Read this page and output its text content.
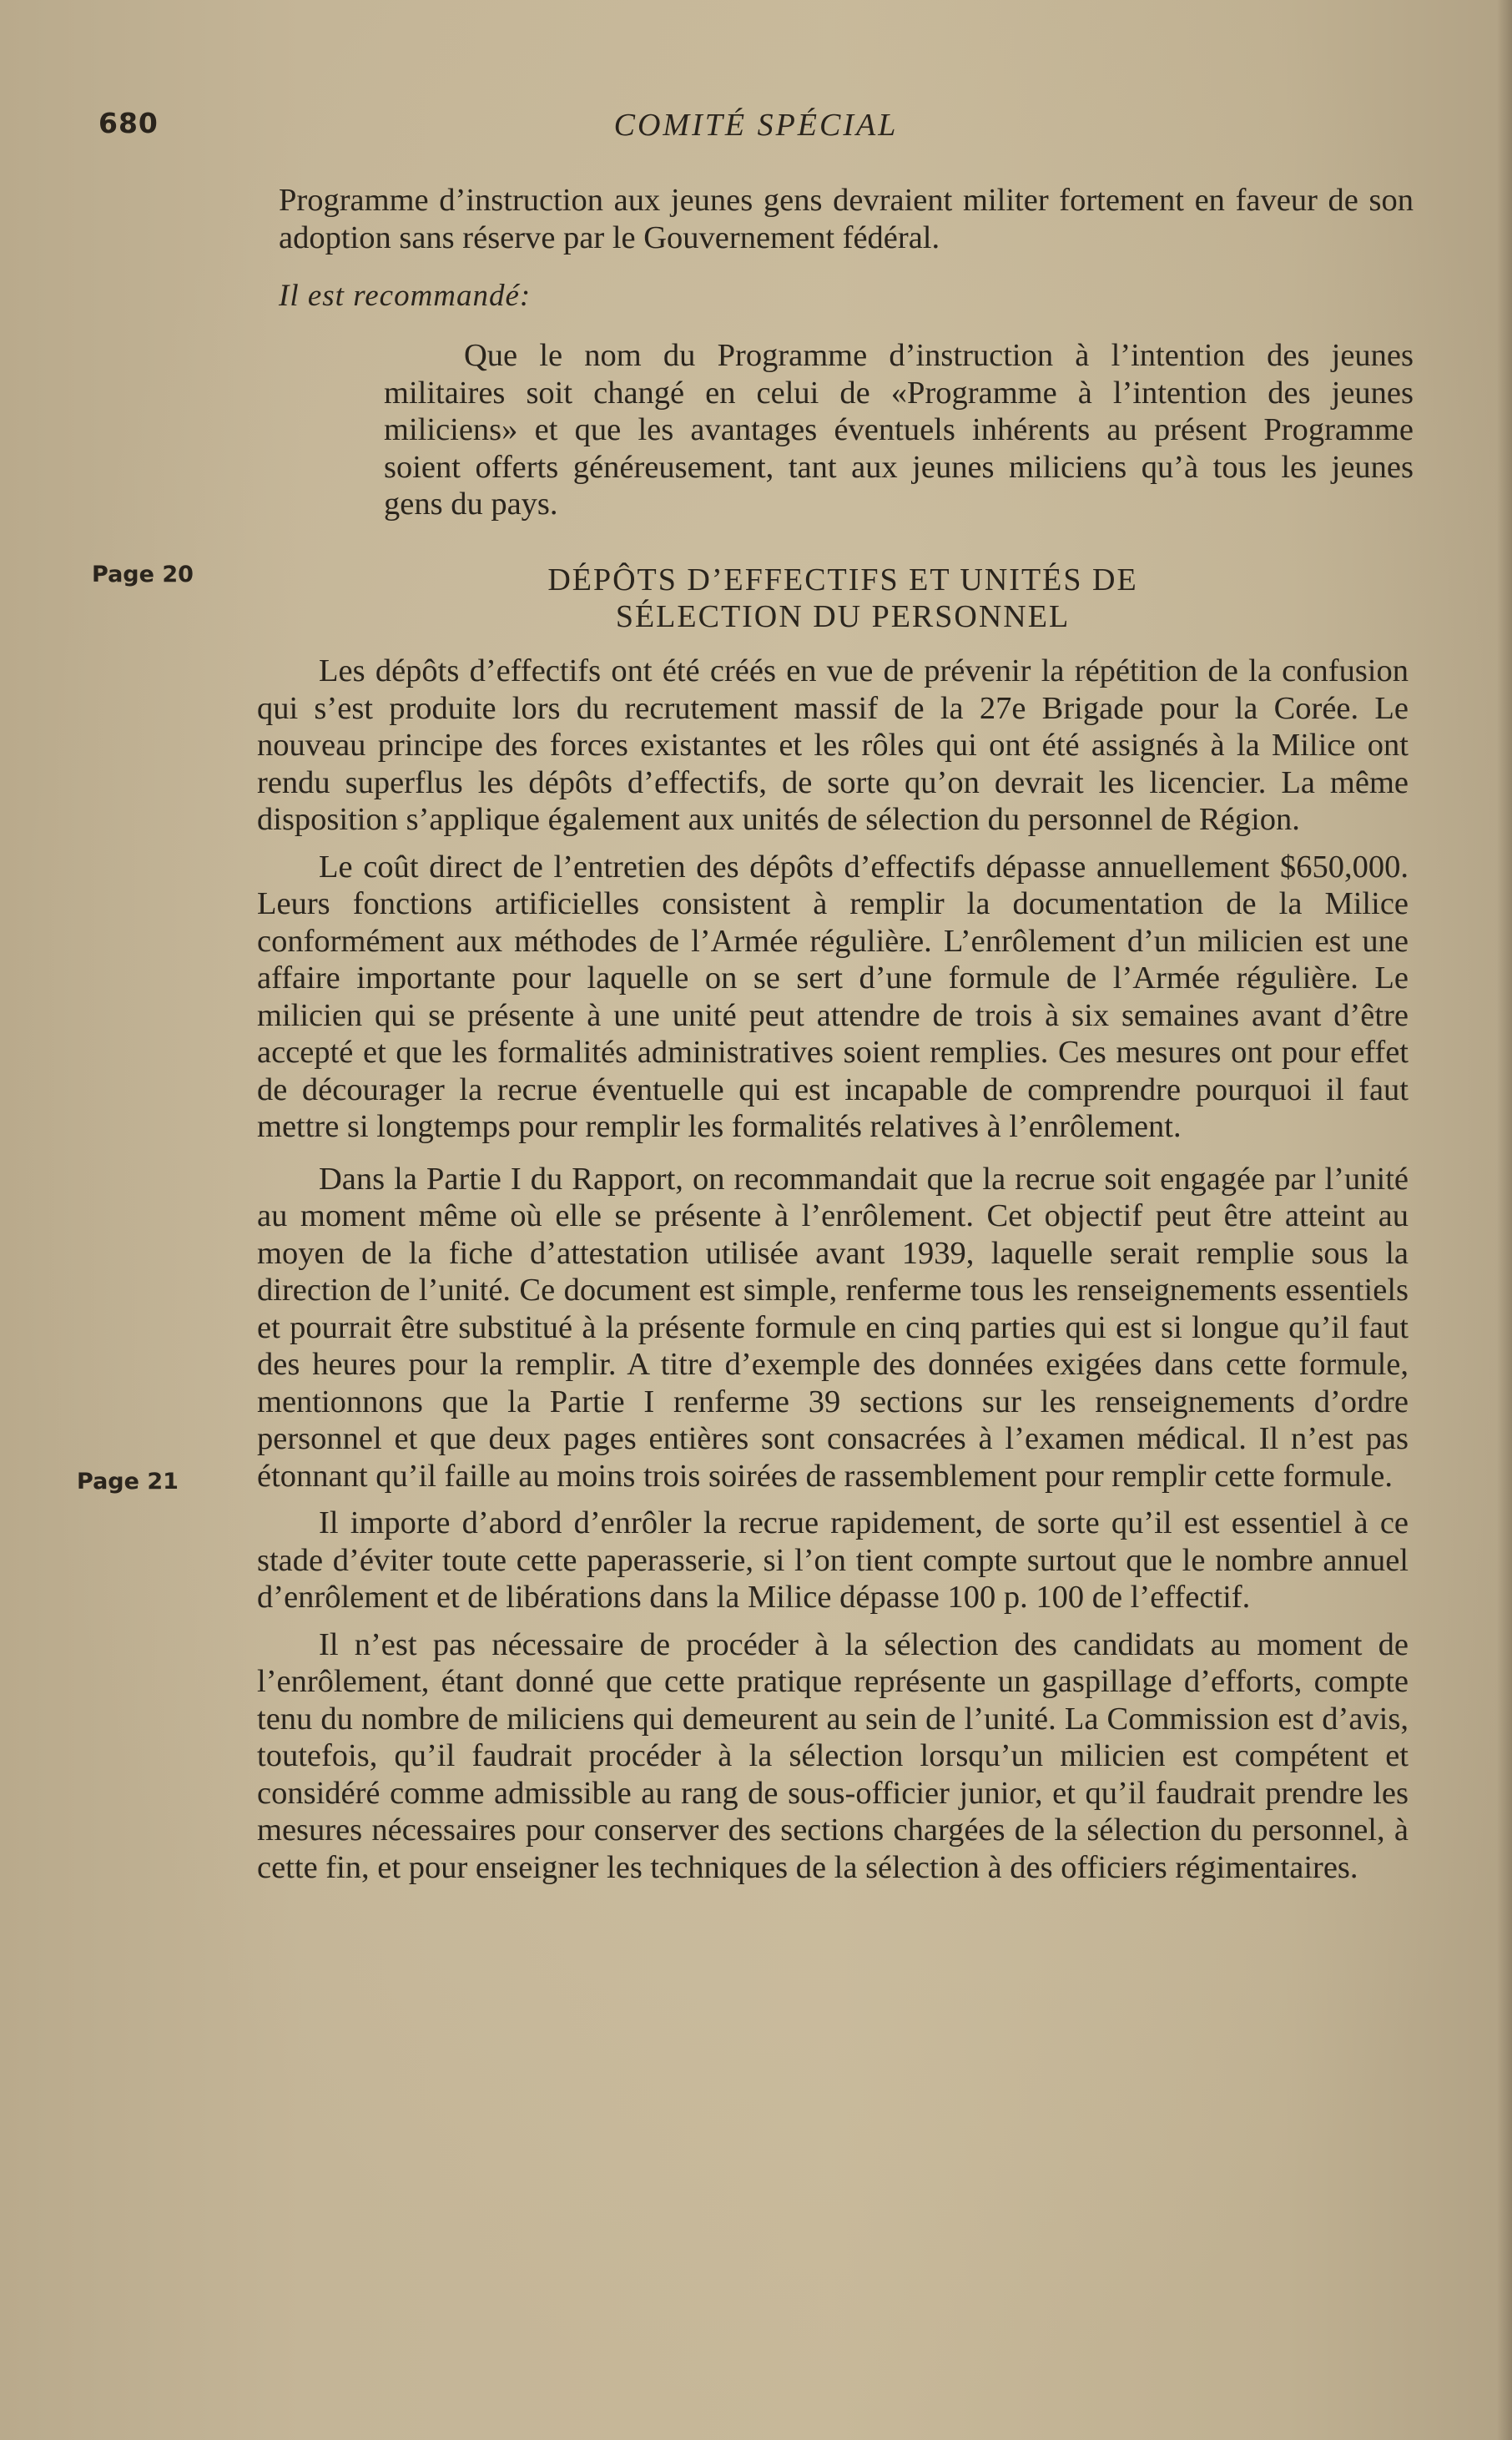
680	COMITÉ SPÉCIAL
Page 20
Page 21

Programme d’instruction aux jeunes gens devraient militer fortement en faveur de son adoption sans réserve par le Gouvernement fédéral.

Il est recommandé:
Que le nom du Programme d’instruction à l’intention des jeunes militaires soit changé en celui de «Programme à l’intention des jeunes miliciens» et que les avantages éventuels inhérents au présent Programme soient offerts généreusement, tant aux jeunes miliciens qu’à tous les jeunes gens du pays.
DÉPÔTS D’EFFECTIFS ET UNITÉS DE
SÉLECTION DU PERSONNEL

Les dépôts d’effectifs ont été créés en vue de prévenir la répétition de la confusion qui s’est produite lors du recrutement massif de la 27e Brigade pour la Corée. Le nouveau principe des forces existantes et les rôles qui ont été assignés à la Milice ont rendu superflus les dépôts d’effectifs, de sorte qu’on devrait les licencier. La même disposition s’applique également aux unités de sélection du personnel de Région.

Le coût direct de l’entretien des dépôts d’effectifs dépasse annuellement $650,000. Leurs fonctions artificielles consistent à remplir la documentation de la Milice conformément aux méthodes de l’Armée régulière. L’enrôlement d’un milicien est une affaire importante pour laquelle on se sert d’une formule de l’Armée régulière. Le milicien qui se présente à une unité peut attendre de trois à six semaines avant d’être accepté et que les formalités administratives soient remplies. Ces mesures ont pour effet de décourager la recrue éventuelle qui est incapable de comprendre pourquoi il faut mettre si longtemps pour remplir les formalités relatives à l’enrôlement.

Dans la Partie I du Rapport, on recommandait que la recrue soit engagée par l’unité au moment même où elle se présente à l’enrôlement. Cet objectif peut être atteint au moyen de la fiche d’attestation utilisée avant 1939, laquelle serait remplie sous la direction de l’unité. Ce document est simple, renferme tous les renseignements essentiels et pourrait être substitué à la présente formule en cinq parties qui est si longue qu’il faut des heures pour la remplir. A titre d’exemple des données exigées dans cette formule, mentionnons que la Partie I renferme 39 sections sur les renseignements d’ordre personnel et que deux pages entières sont consacrées à l’examen médical. Il n’est pas étonnant qu’il faille au moins trois soirées de rassemblement pour remplir cette formule.

Il importe d’abord d’enrôler la recrue rapidement, de sorte qu’il est essentiel à ce stade d’éviter toute cette paperasserie, si l’on tient compte surtout que le nombre annuel d’enrôlement et de libérations dans la Milice dépasse 100 p. 100 de l’effectif.

Il n’est pas nécessaire de procéder à la sélection des candidats au moment de l’enrôlement, étant donné que cette pratique représente un gaspillage d’efforts, compte tenu du nombre de miliciens qui demeurent au sein de l’unité. La Commission est d’avis, toutefois, qu’il faudrait procéder à la sélection lorsqu’un milicien est compétent et considéré comme admissible au rang de sous-officier junior, et qu’il faudrait prendre les mesures nécessaires pour conserver des sections chargées de la sélection du personnel, à cette fin, et pour enseigner les techniques de la sélection à des officiers régimentaires.
